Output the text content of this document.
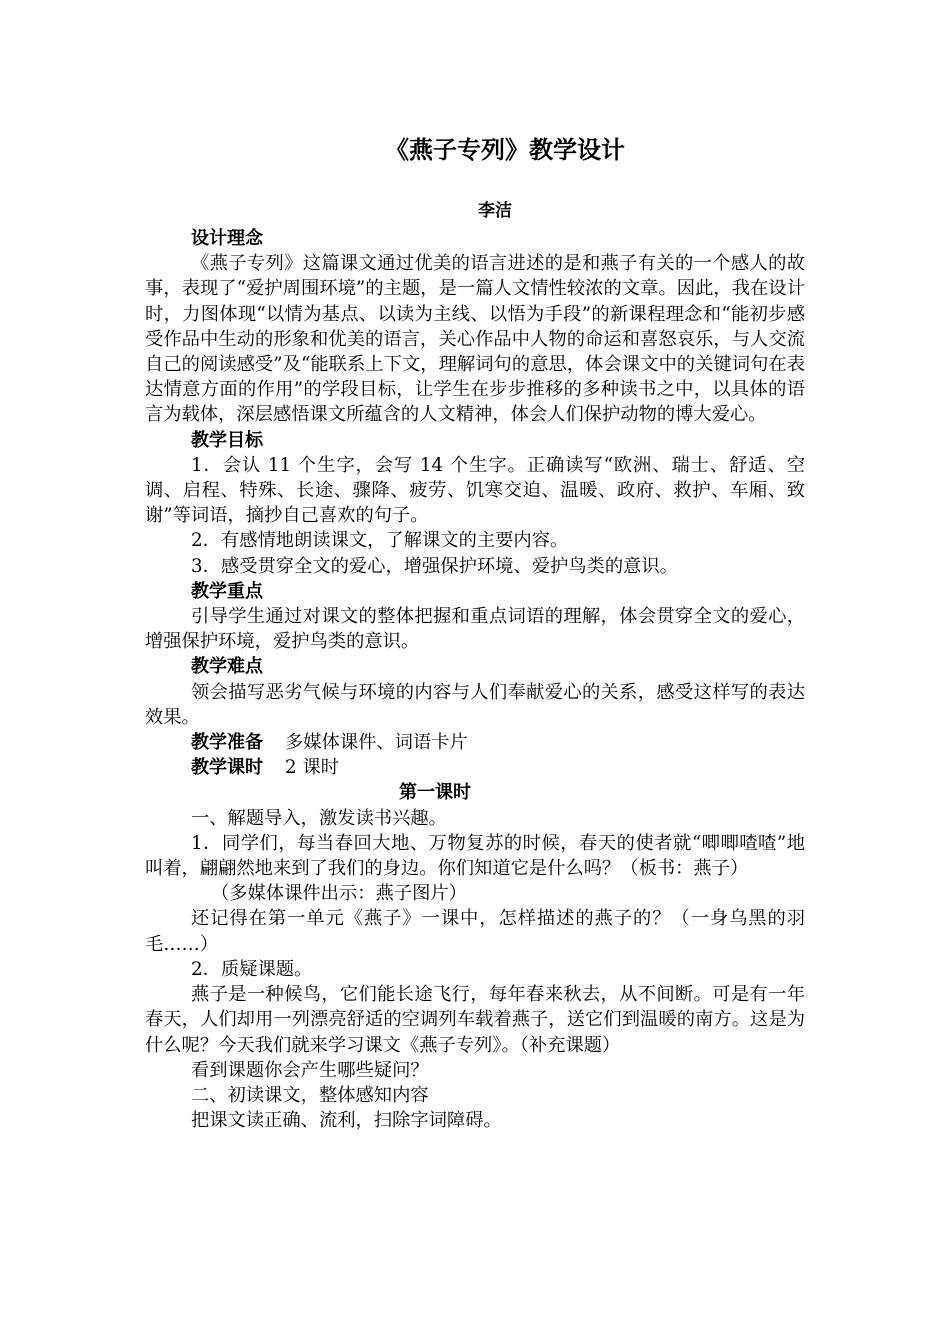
《燕子专列》教学设计
李洁
设计理念
《燕子专列》这篇课文通过优美的语言进述的是和燕子有关的一个感人的故事，表现了“爱护周围环境”的主题，是一篇人文情性较浓的文章。因此，我在设计时，力图体现“以情为基点、以读为主线、以悟为手段”的新课程理念和“能初步感受作品中生动的形象和优美的语言，关心作品中人物的命运和喜怒哀乐，与人交流自己的阅读感受”及“能联系上下文，理解词句的意思，体会课文中的关键词句在表达情意方面的作用”的学段目标，让学生在步步推移的多种读书之中，以具体的语言为载体，深层感悟课文所蕴含的人文精神，体会人们保护动物的博大爱心。
教学目标
1．会认 11 个生字，会写 14 个生字。正确读写“欧洲、瑞士、舒适、空调、启程、特殊、长途、骤降、疲劳、饥寒交迫、温暖、政府、救护、车厢、致谢”等词语，摘抄自己喜欢的句子。
2．有感情地朗读课文，了解课文的主要内容。
3．感受贯穿全文的爱心，增强保护环境、爱护鸟类的意识。
教学重点
引导学生通过对课文的整体把握和重点词语的理解，体会贯穿全文的爱心，增强保护环境，爱护鸟类的意识。
教学难点
领会描写恶劣气候与环境的内容与人们奉献爱心的关系，感受这样写的表达效果。
教学准备 多媒体课件、词语卡片
教学课时 2 课时
第一课时
一、解题导入，激发读书兴趣。
1．同学们，每当春回大地、万物复苏的时候，春天的使者就“唧唧喳喳”地叫着，翩翩然地来到了我们的身边。你们知道它是什么吗？（板书：燕子）
（多媒体课件出示：燕子图片）
还记得在第一单元《燕子》一课中，怎样描述的燕子的？（一身乌黑的羽毛……）
2．质疑课题。
燕子是一种候鸟，它们能长途飞行，每年春来秋去，从不间断。可是有一年春天，人们却用一列漂亮舒适的空调列车载着燕子，送它们到温暖的南方。这是为什么呢？今天我们就来学习课文《燕子专列》。（补充课题）
看到课题你会产生哪些疑问？
二、初读课文，整体感知内容
把课文读正确、流利，扫除字词障碍。
